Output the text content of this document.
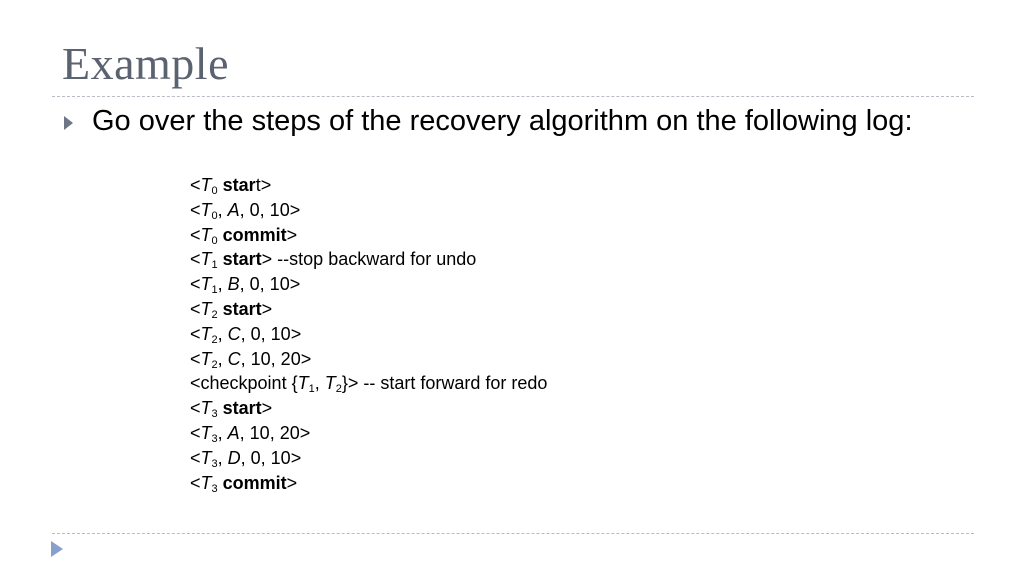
Example
Go over the steps of the recovery algorithm on the following log:
$<T_0$ start>
$<T_0$, A, 0, 10>
$<T_0$ commit>
$<T_1$ start> --stop backward for undo
$<T_1$, B, 0, 10>
$<T_2$ start>
$<T_2$, C, 0, 10>
$<T_2$, C, 10, 20>
<checkpoint {$T_1$, $T_2\}>$ -- start forward for redo
$<T_3$ start>
$<T_3$, A, 10, 20>
$<T_3$, D, 0, 10>
$<T_3$ commit>
